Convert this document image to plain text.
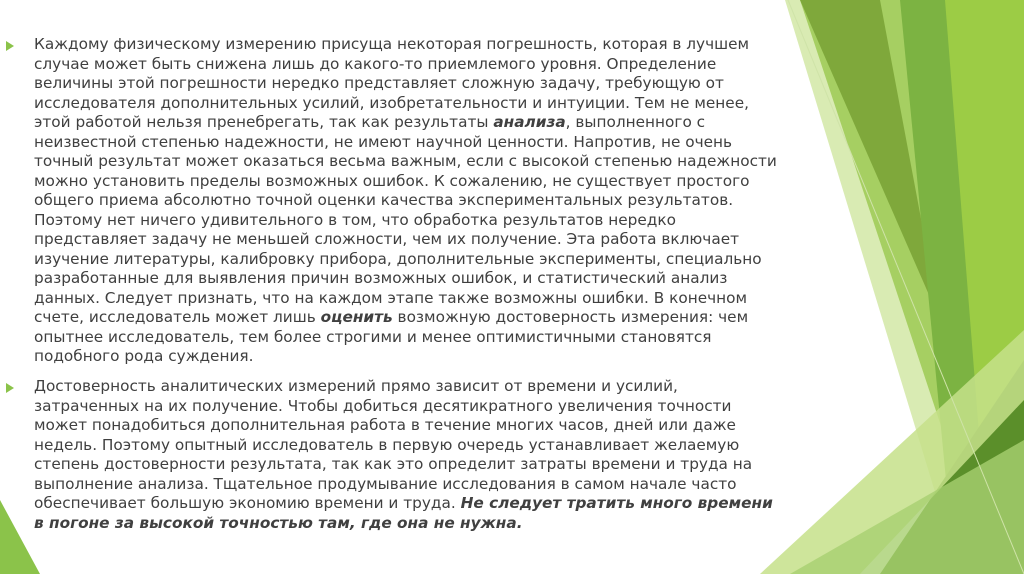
Каждому физическому измерению присуща некоторая погрешность, которая в лучшем случае может быть снижена лишь до какого-то приемлемого уровня. Определение величины этой погрешности нередко представляет сложную задачу, требующую от исследователя дополнительных усилий, изобретательности и интуиции. Тем не менее, этой работой нельзя пренебрегать, так как результаты анализа, выполненного с неизвестной степенью надежности, не имеют научной ценности. Напротив, не очень точный результат может оказаться весьма важным, если с высокой степенью надежности можно установить пределы возможных ошибок. К сожалению, не существует простого общего приема абсолютно точной оценки качества экспериментальных результатов. Поэтому нет ничего удивительного в том, что обработка результатов нередко представляет задачу не меньшей сложности, чем их получение. Эта работа включает изучение литературы, калибровку прибора, дополнительные эксперименты, специально разработанные для выявления причин возможных ошибок, и статистический анализ данных. Следует признать, что на каждом этапе также возможны ошибки. В конечном счете, исследователь может лишь оценить возможную достоверность измерения: чем опытнее исследователь, тем более строгими и менее оптимистичными становятся подобного рода суждения.

Достоверность аналитических измерений прямо зависит от времени и усилий, затраченных на их получение. Чтобы добиться десятикратного увеличения точности может понадобиться дополнительная работа в течение многих часов, дней или даже недель. Поэтому опытный исследователь в первую очередь устанавливает желаемую степень достоверности результата, так как это определит затраты времени и труда на выполнение анализа. Тщательное продумывание исследования в самом начале часто обеспечивает большую экономию времени и труда. Не следует тратить много времени в погоне за высокой точностью там, где она не нужна.
